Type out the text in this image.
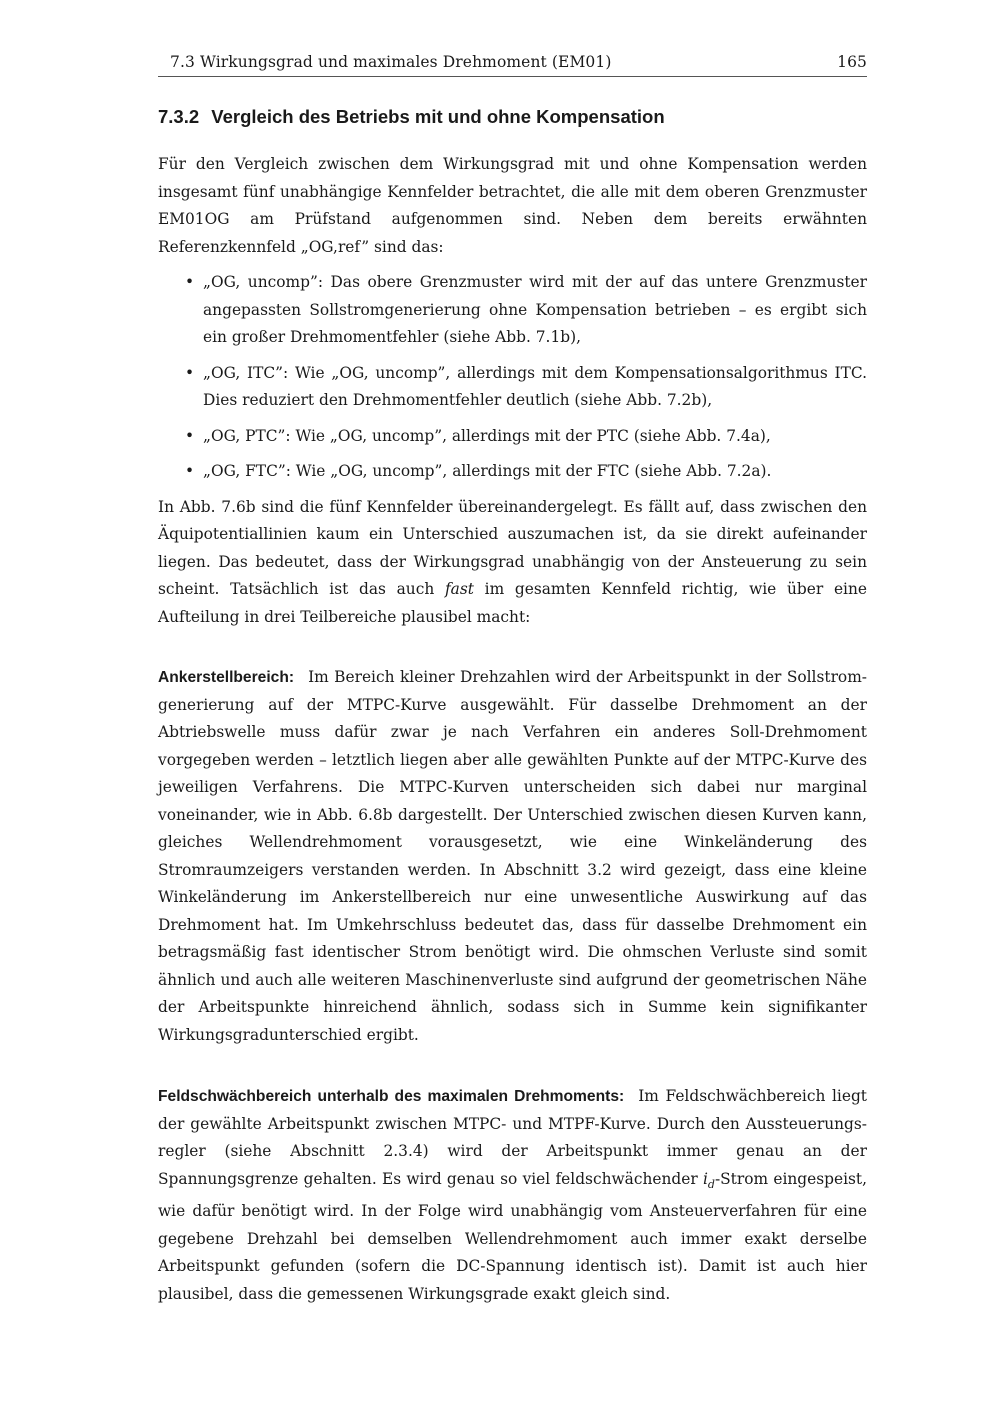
7.3 Wirkungsgrad und maximales Drehmoment (EM01)	165
7.3.2 Vergleich des Betriebs mit und ohne Kompensation

Für den Vergleich zwischen dem Wirkungsgrad mit und ohne Kompensation werden insgesamt fünf unabhängige Kennfelder betrachtet, die alle mit dem oberen Grenzmuster EM01OG am Prüfstand aufgenommen sind. Neben dem bereits erwähnten Referenzkennfeld „OG,ref” sind das:

• „OG, uncomp”: Das obere Grenzmuster wird mit der auf das untere Grenzmuster angepassten Sollstromgenerierung ohne Kompensation betrieben – es ergibt sich ein großer Drehmomentfehler (siehe Abb. 7.1b),
• „OG, ITC”: Wie „OG, uncomp”, allerdings mit dem Kompensationsalgorithmus ITC. Dies reduziert den Drehmomentfehler deutlich (siehe Abb. 7.2b),
• „OG, PTC”: Wie „OG, uncomp”, allerdings mit der PTC (siehe Abb. 7.4a),
• „OG, FTC”: Wie „OG, uncomp”, allerdings mit der FTC (siehe Abb. 7.2a).

In Abb. 7.6b sind die fünf Kennfelder übereinandergelegt. Es fällt auf, dass zwischen den Äquipotentiallinien kaum ein Unterschied auszumachen ist, da sie direkt aufeinander liegen. Das bedeutet, dass der Wirkungsgrad unabhängig von der Ansteuerung zu sein scheint. Tatsächlich ist das auch fast im gesamten Kennfeld richtig, wie über eine Aufteilung in drei Teilbereiche plausibel macht:

Ankerstellbereich: Im Bereich kleiner Drehzahlen wird der Arbeitspunkt in der Sollstromgenerierung auf der MTPC-Kurve ausgewählt. Für dasselbe Drehmoment an der Abtriebswelle muss dafür zwar je nach Verfahren ein anderes Soll-Drehmoment vorgegeben werden – letztlich liegen aber alle gewählten Punkte auf der MTPC-Kurve des jeweiligen Verfahrens. Die MTPC-Kurven unterscheiden sich dabei nur marginal voneinander, wie in Abb. 6.8b dargestellt. Der Unterschied zwischen diesen Kurven kann, gleiches Wellendrehmoment vorausgesetzt, wie eine Winkeländerung des Stromraumzeigers verstanden werden. In Abschnitt 3.2 wird gezeigt, dass eine kleine Winkeländerung im Ankerstellbereich nur eine unwesentliche Auswirkung auf das Drehmoment hat. Im Umkehrschluss bedeutet das, dass für dasselbe Drehmoment ein betragsmäßig fast identischer Strom benötigt wird. Die ohmschen Verluste sind somit ähnlich und auch alle weiteren Maschinenverluste sind aufgrund der geometrischen Nähe der Arbeitspunkte hinreichend ähnlich, sodass sich in Summe kein signifikanter Wirkungsgradunterschied ergibt.

Feldschwächbereich unterhalb des maximalen Drehmoments: Im Feldschwächbereich liegt der gewählte Arbeitspunkt zwischen MTPC- und MTPF-Kurve. Durch den Aussteuerungsregler (siehe Abschnitt 2.3.4) wird der Arbeitspunkt immer genau an der Spannungsgrenze gehalten. Es wird genau so viel feldschwächender $i_d$-Strom eingespeist, wie dafür benötigt wird. In der Folge wird unabhängig vom Ansteuerverfahren für eine gegebene Drehzahl bei demselben Wellendrehmoment auch immer exakt derselbe Arbeitspunkt gefunden (sofern die DC-Spannung identisch ist). Damit ist auch hier plausibel, dass die gemessenen Wirkungsgrade exakt gleich sind.
